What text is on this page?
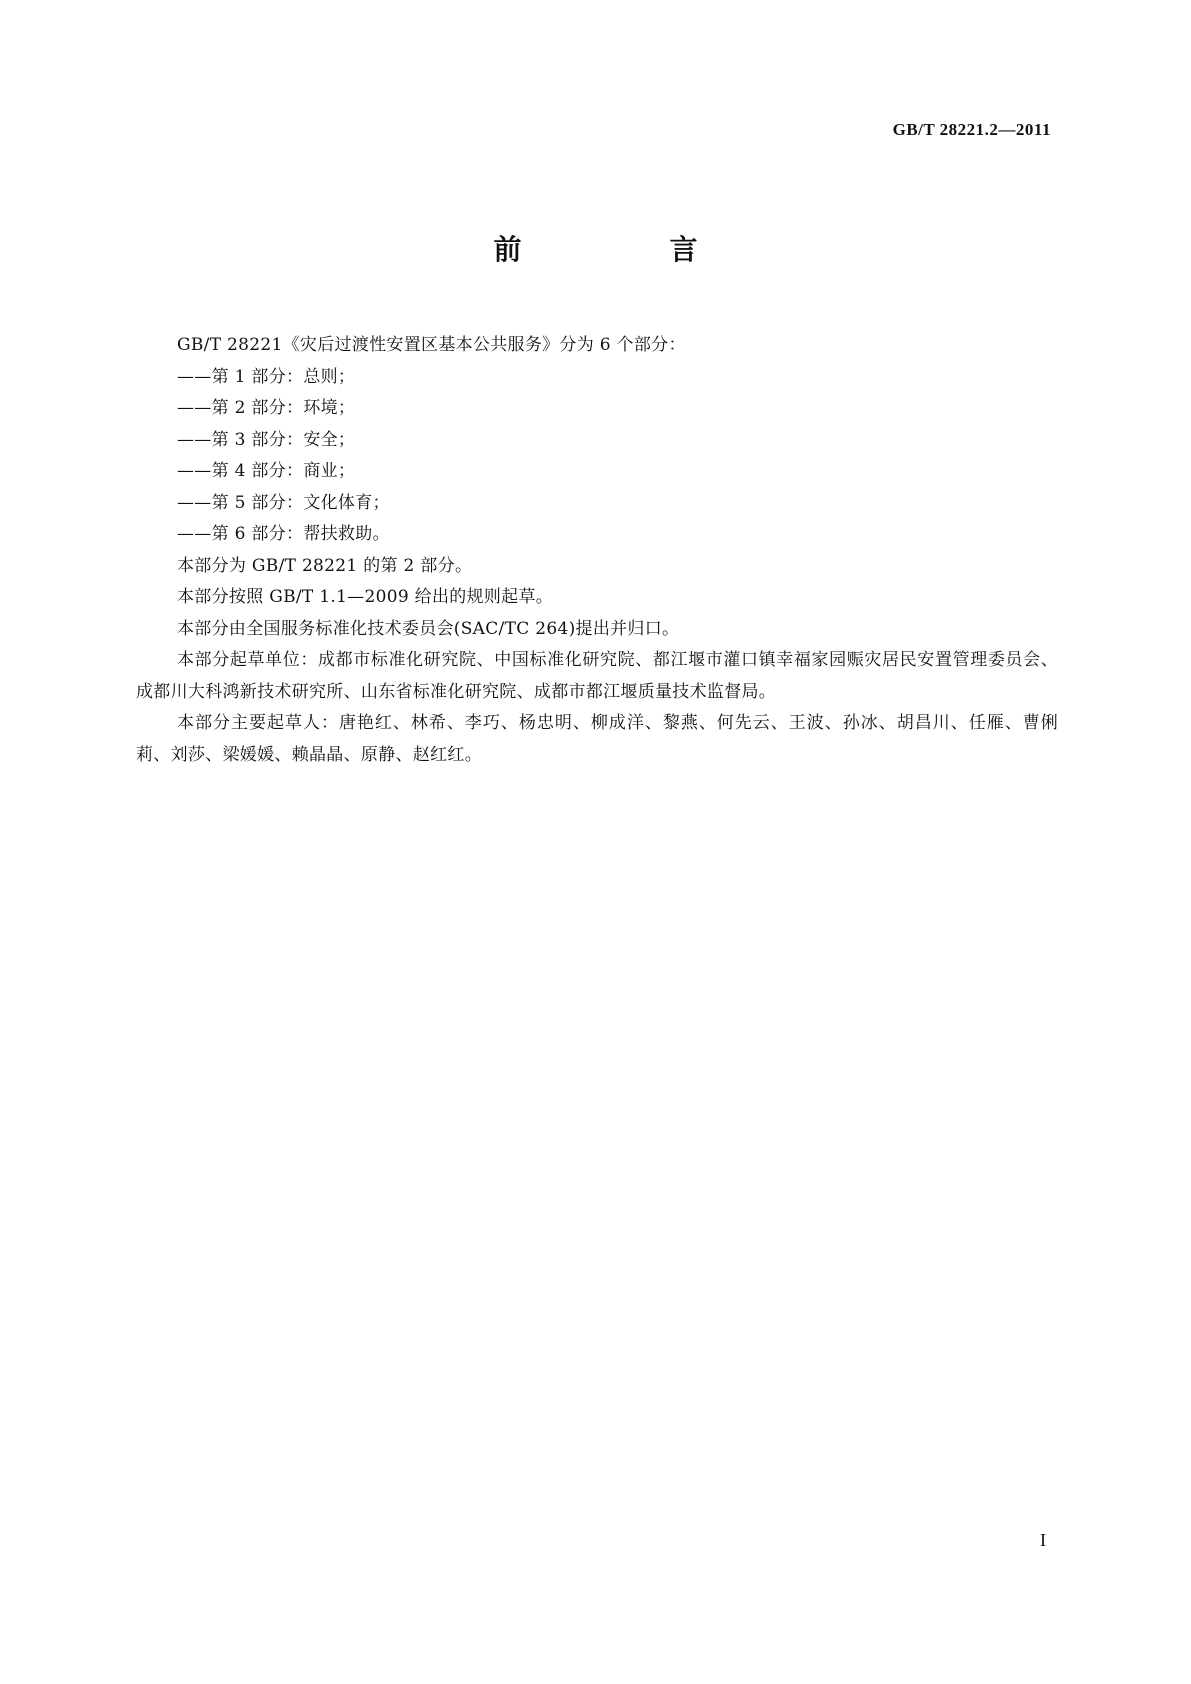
GB/T 28221.2—2011
前　言

GB/T 28221《灾后过渡性安置区基本公共服务》分为 6 个部分：

——第 1 部分：总则；

——第 2 部分：环境；

——第 3 部分：安全；

——第 4 部分：商业；

——第 5 部分：文化体育；

——第 6 部分：帮扶救助。

本部分为 GB/T 28221 的第 2 部分。

本部分按照 GB/T 1.1—2009 给出的规则起草。

本部分由全国服务标准化技术委员会(SAC/TC 264)提出并归口。

本部分起草单位：成都市标准化研究院、中国标准化研究院、都江堰市灌口镇幸福家园赈灾居民安置管理委员会、成都川大科鸿新技术研究所、山东省标准化研究院、成都市都江堰质量技术监督局。

本部分主要起草人：唐艳红、林希、李巧、杨忠明、柳成洋、黎燕、何先云、王波、孙冰、胡昌川、任雁、曹俐莉、刘莎、梁媛媛、赖晶晶、原静、赵红红。

I
